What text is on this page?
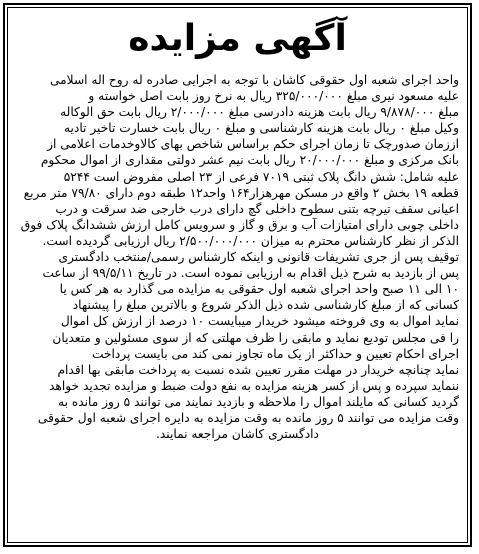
آگهی مزایده
واحد اجرای شعبه اول حقوقی کاشان با توجه به اجرایی صادره له روح اله اسلامی
علیه مسعود نیری مبلغ ۳۲۵/۰۰۰/۰۰۰ ریال به نرخ روز بابت اصل خواسته و
مبلغ ۹/۸۷۸/۰۰۰ ریال بابت هزینه دادرسی مبلغ ۲/۰۰۰/۰۰۰ ریال بابت حق الوکاله
وکیل مبلغ ۰ ریال بابت هزینه کارشناسی و مبلغ ۰ ریال بابت خسارت تاخیر تادیه
اززمان صدورچک تا زمان اجرای حکم براساس شاخص بهای کالاوخدمات اعلامی از
بانک مرکزی و مبلغ ۲۰/۰۰۰/۰۰۰ ریال بابت نیم عشر دولتی مقداری از اموال محکوم
علیه شامل: شش دانگ پلاک ثبتی ۷۰۱۹ فرعی از ۲۳ اصلی مفروض است ۵۲۴۴
قطعه ۱۹ بخش ۲ واقع در مسکن مهرهزار۱۶۴ واحد۱۲ طبقه دوم دارای ۷۹/۸۰ متر مربع
اعیانی سقف تیرچه بتنی سطوح داخلی گچ دارای درب خارجی ضد سرقت و درب
داخلی چوبی دارای امتیازات آب و برق و گاز و سرویس کامل ارزش ششدانگ پلاک فوق
الذکر از نظر کارشناس محترم به میزان ۲/۵۰۰/۰۰۰/۰۰۰ ریال ارزیابی گردیده است.
توقیف پس از جری تشریفات قانونی و اینکه کارشناس رسمی/منتخب دادگستری
پس از بازدید به شرح ذیل اقدام به ارزیابی نموده است. در تاریخ ۹۹/۵/۱۱ از ساعت
۱۰ الی ۱۱ صبح واحد اجرای شعبه اول حقوقی به مزایده می گذارد به هر کس یا
کسانی که از مبلغ کارشناسی شده ذیل الذکر شروع و بالاترین مبلغ را پیشنهاد
نماید اموال به وی فروخته میشود خریدار میبایست ۱۰ درصد از ارزش کل اموال
را فی مجلس تودیع نماید و مابقی را ظرف مهلتی که از سوی مسئولین و متعدیان
اجرای احکام تعیین و حداکثر از یک ماه تجاوز نمی کند می بایست پرداخت
نماید چنانچه خریدار در مهلت مقرر تعیین شده نسبت به پرداخت مابقی بها اقدام
ننماید سپرده و پس از کسر هزینه مزایده به نفع دولت ضبط و مزایده تجدید خواهد
گردید کسانی که مایلند اموال را ملاحظه و بازدید نمایند می توانند ۵ روز مانده به
وقت مزایده می توانند ۵ روز مانده به وقت مزایده به دایره اجرای شعبه اول حقوقی
دادگستری کاشان مراجعه نمایند.
